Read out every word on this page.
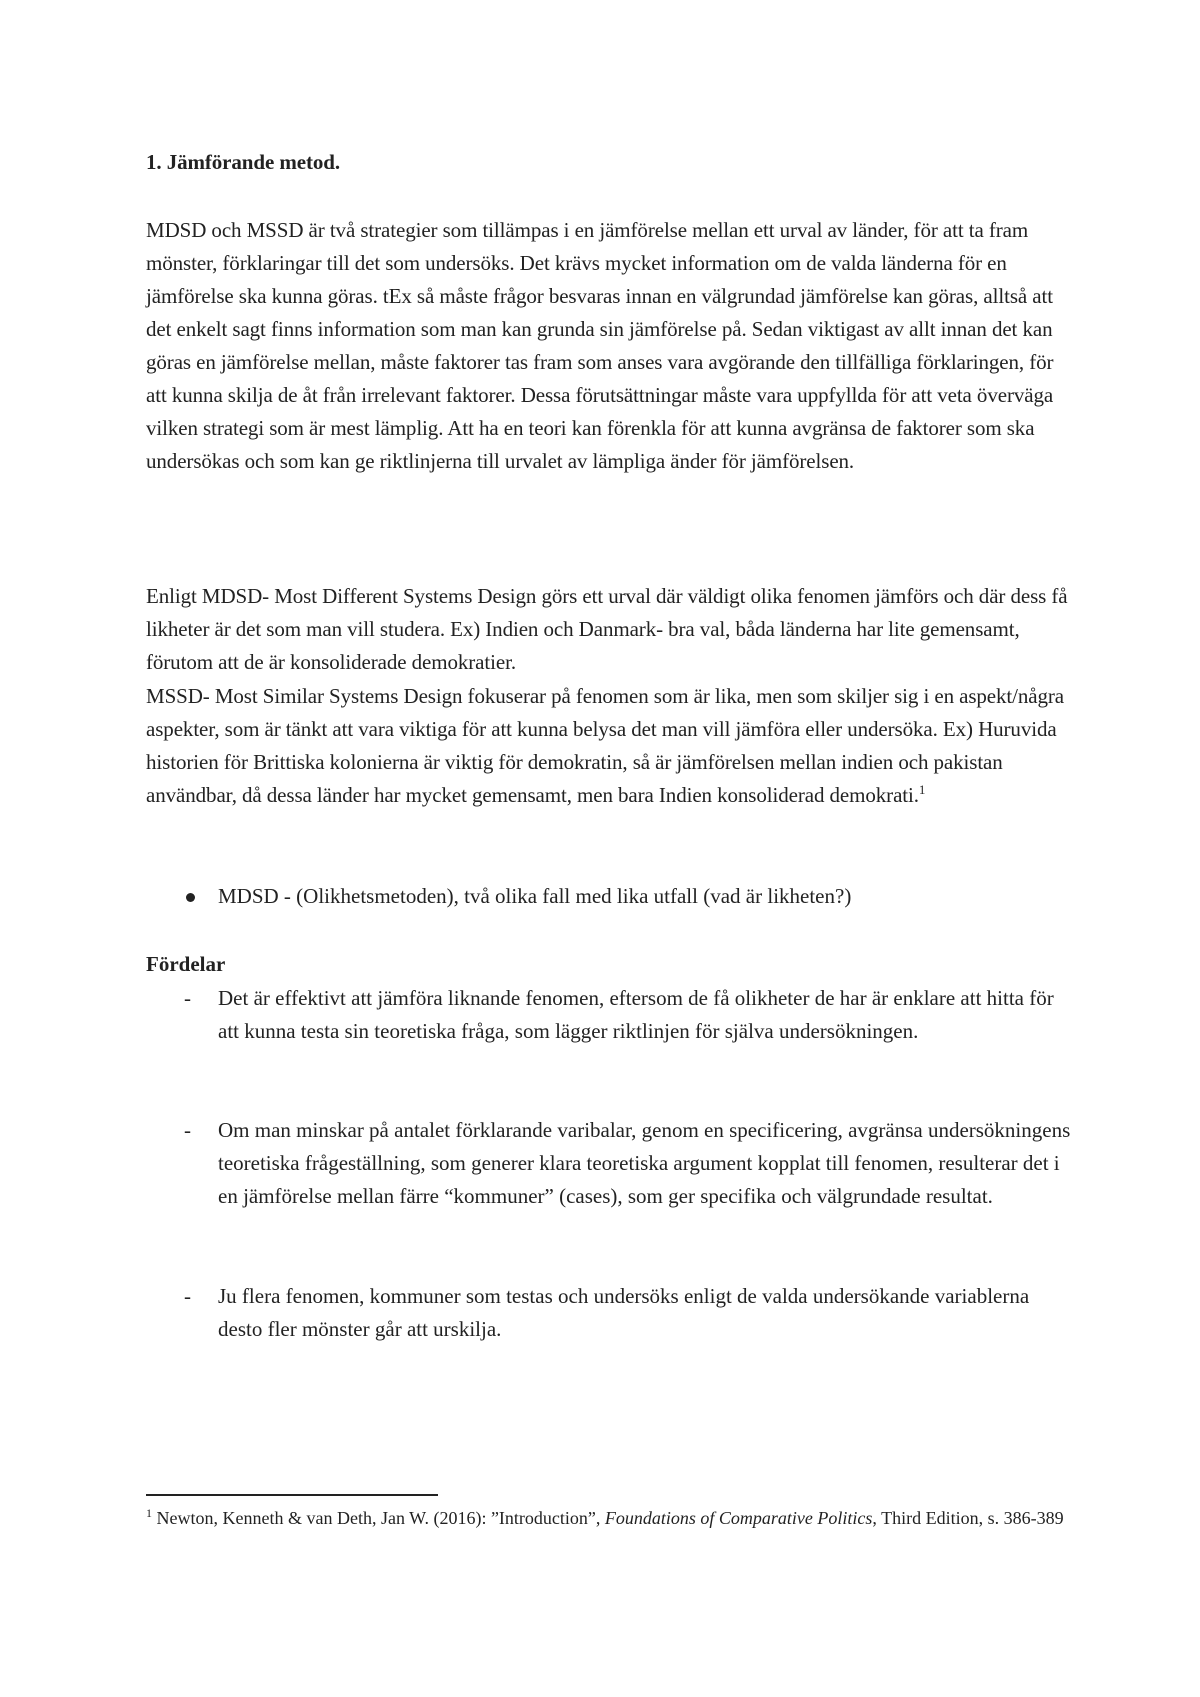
1. Jämförande metod.
MDSD och MSSD är två strategier som tillämpas i en jämförelse mellan ett urval av länder, för att ta fram mönster, förklaringar till det som undersöks. Det krävs mycket information om de valda länderna för en jämförelse ska kunna göras. tEx så måste frågor besvaras innan en välgrundad jämförelse kan göras, alltså att det enkelt sagt finns information som man kan grunda sin jämförelse på. Sedan viktigast av allt innan det kan göras en jämförelse mellan, måste faktorer tas fram som anses vara avgörande den tillfälliga förklaringen, för att kunna skilja de åt från irrelevant faktorer. Dessa förutsättningar måste vara uppfyllda för att veta överväga vilken strategi som är mest lämplig. Att ha en teori kan förenkla för att kunna avgränsa de faktorer som ska undersökas och som kan ge riktlinjerna till urvalet av lämpliga änder för jämförelsen.
Enligt MDSD- Most Different Systems Design görs ett urval där väldigt olika fenomen jämförs och där dess få likheter är det som man vill studera. Ex) Indien och Danmark- bra val, båda länderna har lite gemensamt, förutom att de är konsoliderade demokratier.
MSSD- Most Similar Systems Design fokuserar på fenomen som är lika, men som skiljer sig i en aspekt/några aspekter, som är tänkt att vara viktiga för att kunna belysa det man vill jämföra eller undersöka. Ex) Huruvida historien för Brittiska kolonierna är viktig för demokratin, så är jämförelsen mellan indien och pakistan användbar, då dessa länder har mycket gemensamt, men bara Indien konsoliderad demokrati.$^1$
MDSD - (Olikhetsmetoden), två olika fall med lika utfall (vad är likheten?)
Fördelar
- Det är effektivt att jämföra liknande fenomen, eftersom de få olikheter de har är enklare att hitta för att kunna testa sin teoretiska fråga, som lägger riktlinjen för själva undersökningen.
- Om man minskar på antalet förklarande varibalar, genom en specificering, avgränsa undersökningens teoretiska frågeställning, som generer klara teoretiska argument kopplat till fenomen, resulterar det i en jämförelse mellan färre “kommuner” (cases), som ger specifika och välgrundade resultat.
- Ju flera fenomen, kommuner som testas och undersöks enligt de valda undersökande variablerna desto fler mönster går att urskilja.
$^1$ Newton, Kenneth & van Deth, Jan W. (2016): ”Introduction”, Foundations of Comparative Politics, Third Edition, s. 386-389
